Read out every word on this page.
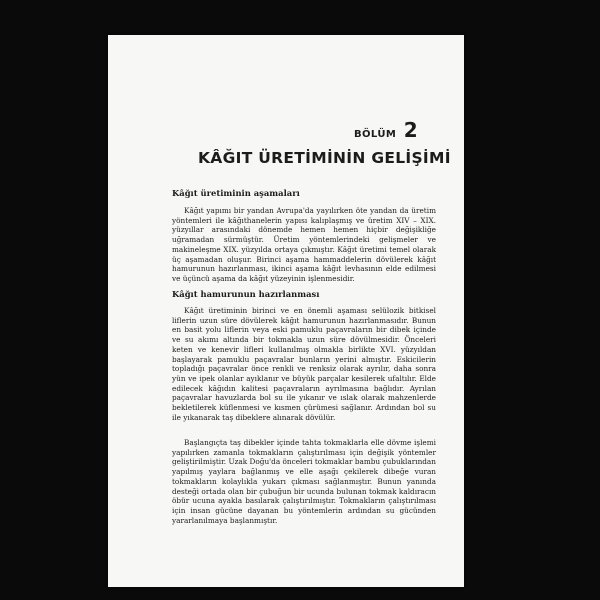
BÖLÜM 2
KÂĞIT ÜRETİMİNİN GELİŞİMİ
Kâğıt üretiminin aşamaları

Kâğıt yapımı bir yandan Avrupa'da yayılırken öte yandan da üretim yöntemleri ile kâğıthanelerin yapısı kalıplaşmış ve üretim XIV – XIX. yüzyıllar arasındaki dönemde hemen hemen hiçbir değişikliğe uğramadan sürmüştür. Üretim yöntemlerindeki gelişmeler ve makineleşme XIX. yüzyılda ortaya çıkmıştır. Kâğıt üretimi temel olarak üç aşamadan oluşur. Birinci aşama hammaddelerin dövülerek kâğıt hamurunun hazırlanması, ikinci aşama kâğıt levhasının elde edilmesi ve üçüncü aşama da kâğıt yüzeyinin işlenmesidir.

Kâğıt hamurunun hazırlanması

Kâğıt üretiminin birinci ve en önemli aşaması selülozik bitkisel liflerin uzun süre dövülerek kâğıt hamurunun hazırlanmasıdır. Bunun en basit yolu liflerin veya eski pamuklu paçavraların bir dibek içinde ve su akımı altında bir tokmakla uzun süre dövülmesidir. Önceleri keten ve kenevir lifleri kullanılmış olmakla birlikte XVI. yüzyıldan başlayarak pamuklu paçavralar bunların yerini almıştır. Eskicilerin topladığı paçavralar önce renkli ve renksiz olarak ayrılır, daha sonra yün ve ipek olanlar ayıklanır ve büyük parçalar kesilerek ufaltılır. Elde edilecek kâğıdın kalitesi paçavraların ayrılmasına bağlıdır. Ayrılan paçavralar havuzlarda bol su ile yıkanır ve ıslak olarak mahzenlerde bekletilerek küflenmesi ve kısmen çürümesi sağlanır. Ardından bol su ile yıkanarak taş dibeklere alınarak dövülür.

Başlangıçta taş dibekler içinde tahta tokmaklarla elle dövme işlemi yapılırken zamanla tokmakların çalıştırılması için değişik yöntemler geliştirilmiştir. Uzak Doğu'da önceleri tokmaklar bambu çubuklarından yapılmış yaylara bağlanmış ve elle aşağı çekilerek dibeğe vuran tokmakların kolaylıkla yukarı çıkması sağlanmıştır. Bunun yanında desteği ortada olan bir çubuğun bir ucunda bulunan tokmak kaldıracın öbür ucuna ayakla basılarak çalıştırılmıştır. Tokmakların çalıştırılması için insan gücüne dayanan bu yöntemlerin ardından su gücünden yararlanılmaya başlanmıştır.
